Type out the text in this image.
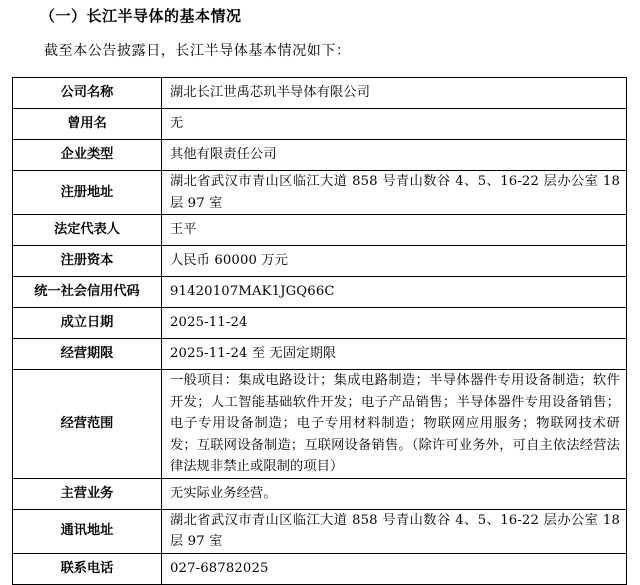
（一）长江半导体的基本情况
截至本公告披露日，长江半导体基本情况如下：
公司名称	湖北长江世禹芯玑半导体有限公司
曾用名	无
企业类型	其他有限责任公司
注册地址	湖北省武汉市青山区临江大道 858 号青山数谷 4、5、16-22 层办公室 18 层 97 室

法定代表人	王平
注册资本	人民币 60000 万元
统一社会信用代码	91420107MAK1JGQ66C
成立日期	2025-11-24
经营期限	2025-11-24 至 无固定期限
经营范围	一般项目：集成电路设计；集成电路制造；半导体器件专用设备制造；软件开发；人工智能基础软件开发；电子产品销售；半导体器件专用设备销售；电子专用设备制造；电子专用材料制造；物联网应用服务；物联网技术研发；互联网设备制造；互联网设备销售。（除许可业务外，可自主依法经营法律法规非禁止或限制的项目）

主营业务	无实际业务经营。
通讯地址	湖北省武汉市青山区临江大道 858 号青山数谷 4、5、16-22 层办公室 18 层 97 室

联系电话	027-68782025
